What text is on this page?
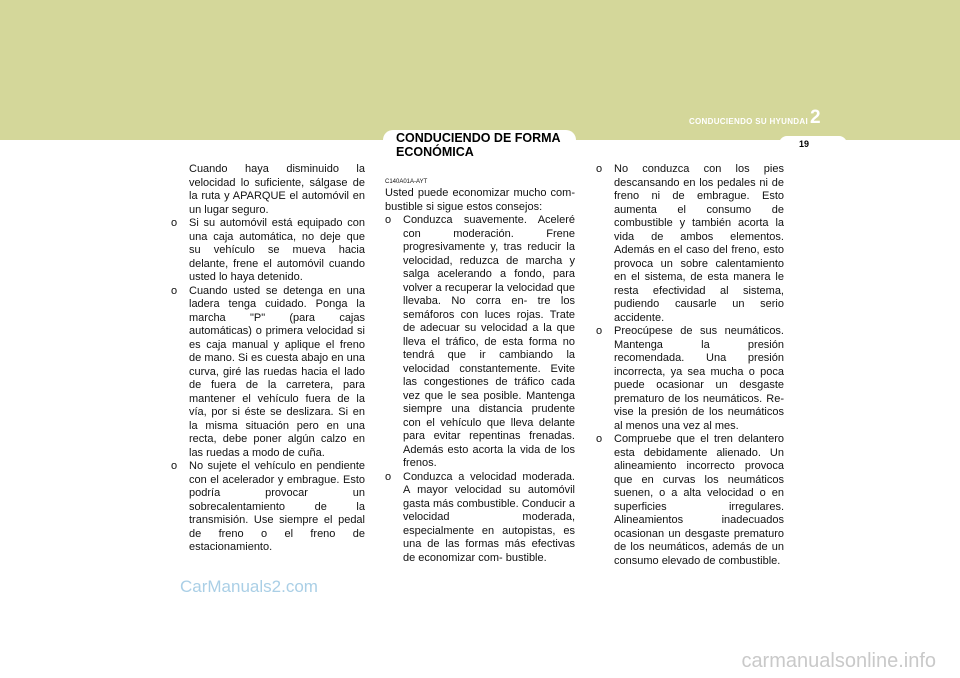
CONDUCIENDO SU HYUNDAI 2
19
CONDUCIENDO DE FORMA ECONÓMICA

Cuando haya disminuido la velocidad lo suficiente, sálgase de la ruta y APARQUE el automóvil en un lugar seguro.

o Si su automóvil está equipado con una caja automática, no deje que su vehículo se mueva hacia delante, frene el automóvil cuando usted lo haya detenido.

o Cuando usted se detenga en una ladera tenga cuidado. Ponga la marcha "P" (para cajas automáticas) o primera velocidad si es caja manual y aplique el freno de mano. Si es cuesta abajo en una curva, giré las ruedas hacia el lado de fuera de la carretera, para mantener el vehículo fuera de la vía, por si éste se deslizara. Si en la misma situación pero en una recta, debe poner algún calzo en las ruedas a modo de cuña.

o No sujete el vehículo en pendiente con el acelerador y embrague. Esto podría provocar un sobrecalentamiento de la transmisión. Use siempre el pedal de freno o el freno de estacionamiento.

C140A01A-AYT

Usted puede economizar mucho com- bustible si sigue estos consejos:

o Conduzca suavemente. Aceleré con moderación. Frene progresivamente y, tras reducir la velocidad, reduzca de marcha y salga acelerando a fondo, para volver a recuperar la velocidad que llevaba. No corra en- tre los semáforos con luces rojas. Trate de adecuar su velocidad a la que lleva el tráfico, de esta forma no tendrá que ir cambiando la velocidad constantemente. Evite las congestiones de tráfico cada vez que le sea posible. Mantenga siempre una distancia prudente con el vehículo que lleva delante para evitar repentinas frenadas. Además esto acorta la vida de los frenos.

o Conduzca a velocidad moderada. A mayor velocidad su automóvil gasta más combustible. Conducir a velocidad moderada, especialmente en autopistas, es una de las formas más efectivas de economizar com- bustible.

o No conduzca con los pies descansando en los pedales ni de freno ni de embrague. Esto aumenta el consumo de combustible y también acorta la vida de ambos elementos. Además en el caso del freno, esto provoca un sobre calentamiento en el sistema, de esta manera le resta efectividad al sistema, pudiendo causarle un serio accidente.

o Preocúpese de sus neumáticos. Mantenga la presión recomendada. Una presión incorrecta, ya sea mucha o poca puede ocasionar un desgaste prematuro de los neumáticos. Re- vise la presión de los neumáticos al menos una vez al mes.

o Compruebe que el tren delantero esta debidamente alienado. Un alineamiento incorrecto provoca que en curvas los neumáticos suenen, o a alta velocidad o en superficies irregulares. Alineamientos inadecuados ocasionan un desgaste prematuro de los neumáticos, además de un consumo elevado de combustible.

CarManuals2.com
carmanualsonline.info
